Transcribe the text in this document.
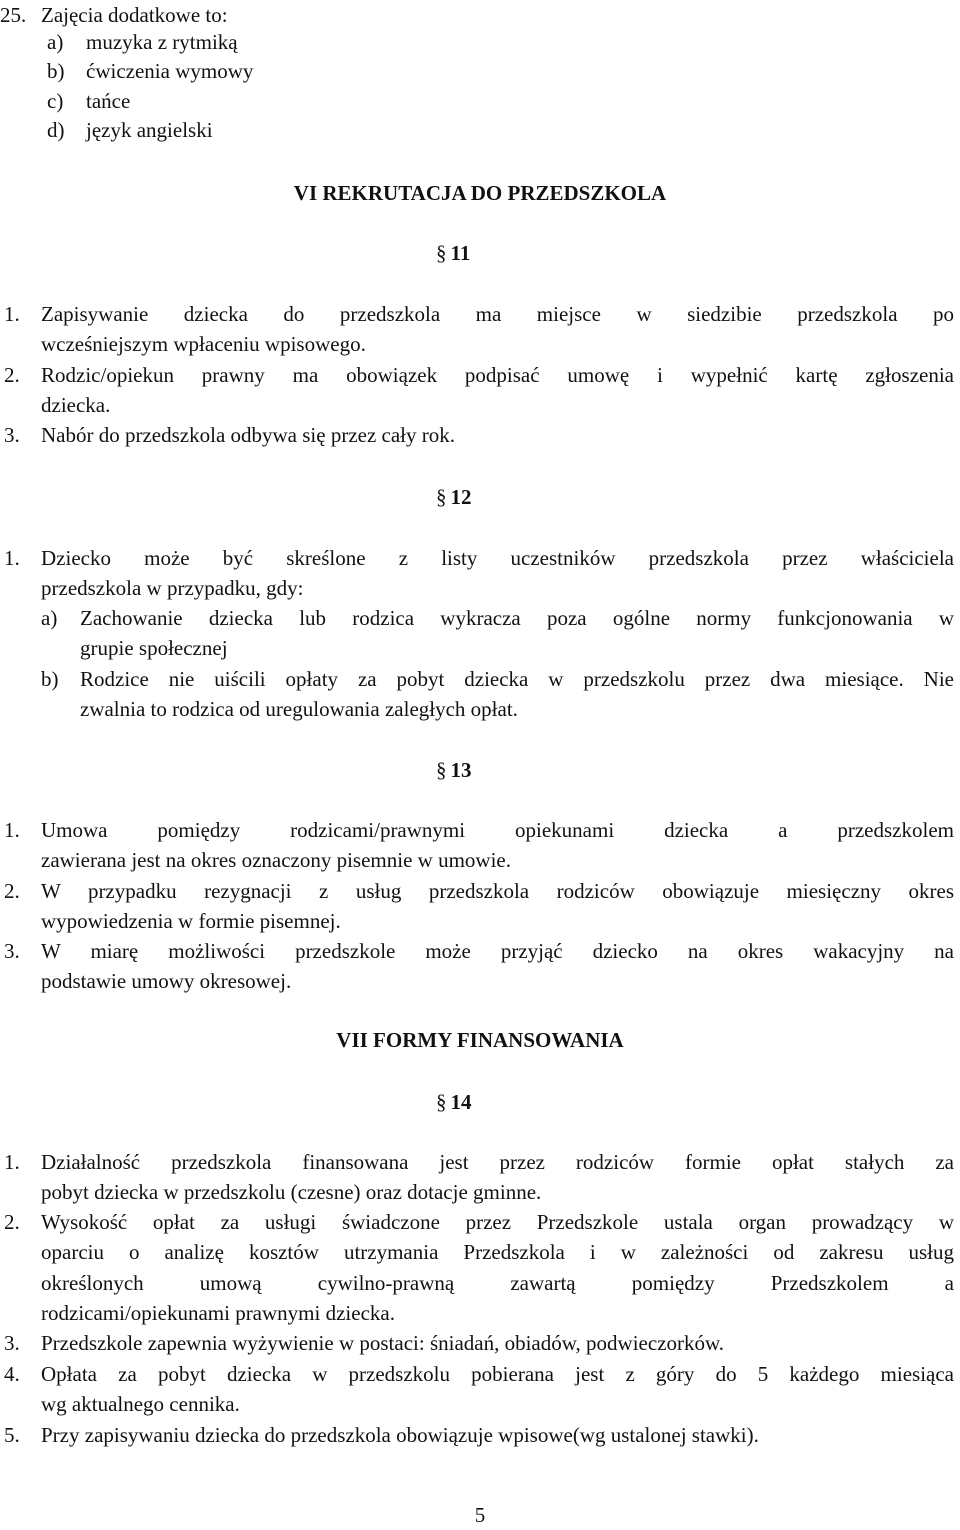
25. Zajęcia dodatkowe to:
a) muzyka z rytmiką
b) ćwiczenia wymowy
c) tańce
d) język angielski
VI REKRUTACJA DO PRZEDSZKOLA
§ 11
1. Zapisywanie dziecka do przedszkola ma miejsce w siedzibie przedszkola po
wcześniejszym wpłaceniu wpisowego.
2. Rodzic/opiekun prawny ma obowiązek podpisać umowę i wypełnić kartę zgłoszenia
dziecka.
3. Nabór do przedszkola odbywa się przez cały rok.
§ 12
1. Dziecko może być skreślone z listy uczestników przedszkola przez właściciela
przedszkola w przypadku, gdy:
a) Zachowanie dziecka lub rodzica wykracza poza ogólne normy funkcjonowania w
grupie społecznej
b) Rodzice nie uiścili opłaty za pobyt dziecka w przedszkolu przez dwa miesiące. Nie
zwalnia to rodzica od uregulowania zaległych opłat.
§ 13
1. Umowa pomiędzy rodzicami/prawnymi opiekunami dziecka a przedszkolem
zawierana jest na okres oznaczony pisemnie w umowie.
2. W przypadku rezygnacji z usług przedszkola rodziców obowiązuje miesięczny okres
wypowiedzenia w formie pisemnej.
3. W miarę możliwości przedszkole może przyjąć dziecko na okres wakacyjny na
podstawie umowy okresowej.
VII FORMY FINANSOWANIA
§ 14
1. Działalność przedszkola finansowana jest przez rodziców formie opłat stałych za
pobyt dziecka w przedszkolu (czesne) oraz dotacje gminne.
2. Wysokość opłat za usługi świadczone przez Przedszkole ustala organ prowadzący w
oparciu o analizę kosztów utrzymania Przedszkola i w zależności od zakresu usług
określonych umową cywilno-prawną zawartą pomiędzy Przedszkolem a
rodzicami/opiekunami prawnymi dziecka.
3. Przedszkole zapewnia wyżywienie w postaci: śniadań, obiadów, podwieczorków.
4. Opłata za pobyt dziecka w przedszkolu pobierana jest z góry do 5 każdego miesiąca
wg aktualnego cennika.
5. Przy zapisywaniu dziecka do przedszkola obowiązuje wpisowe(wg ustalonej stawki).
5
